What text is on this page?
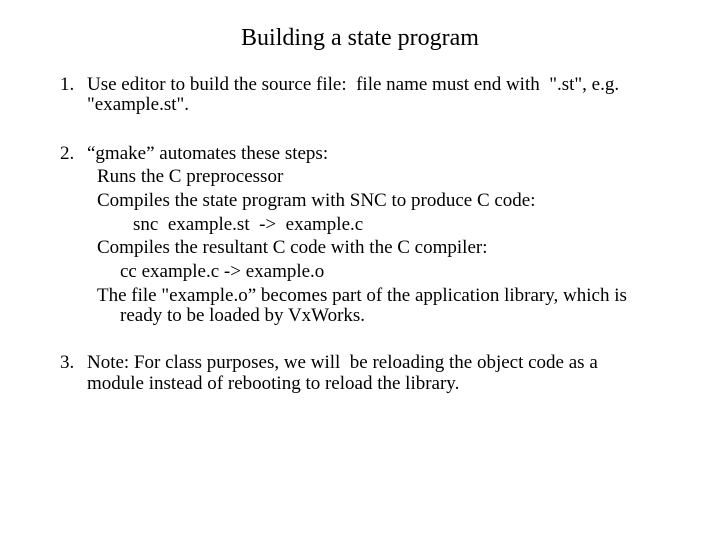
Building a state program
1. Use editor to build the source file:  file name must end with  ".st", e.g.
"example.st".
2. “gmake” automates these steps:
Runs the C preprocessor
Compiles the state program with SNC to produce C code:
snc  example.st  ->  example.c
Compiles the resultant C code with the C compiler:
cc example.c -> example.o
The file "example.o” becomes part of the application library, which is
ready to be loaded by VxWorks.
3. Note: For class purposes, we will  be reloading the object code as a
module instead of rebooting to reload the library.
